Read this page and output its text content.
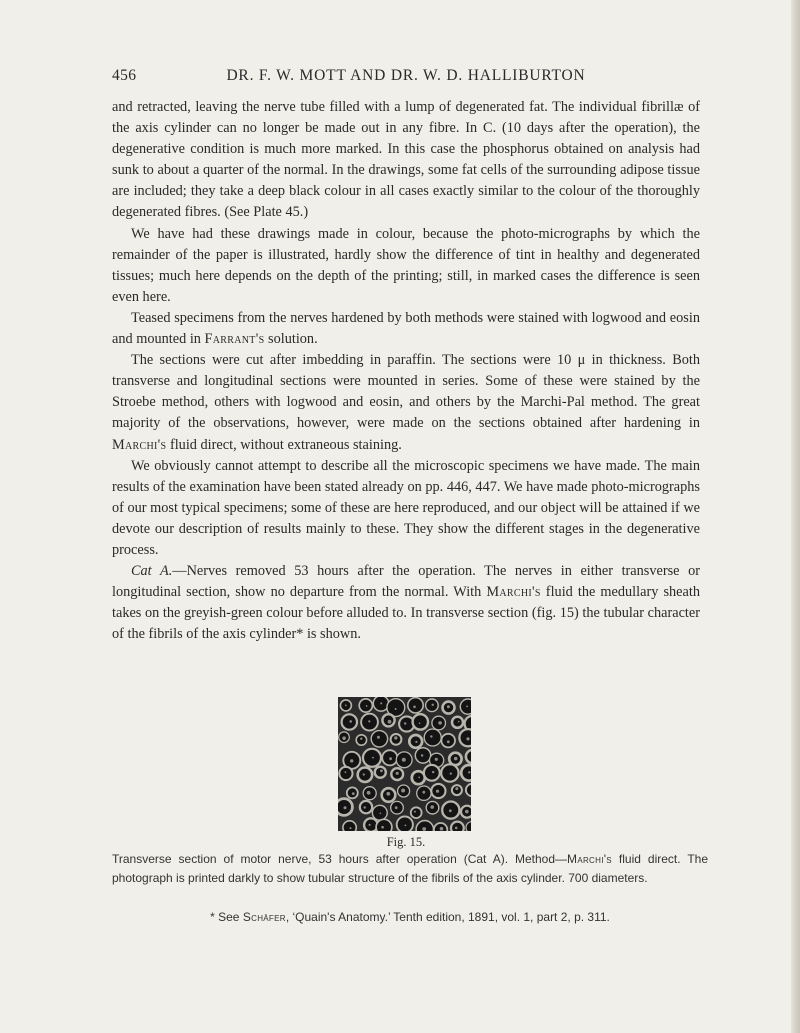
456	DR. F. W. MOTT AND DR. W. D. HALLIBURTON

and retracted, leaving the nerve tube filled with a lump of degenerated fat. The individual fibrillæ of the axis cylinder can no longer be made out in any fibre. In C. (10 days after the operation), the degenerative condition is much more marked. In this case the phosphorus obtained on analysis had sunk to about a quarter of the normal. In the drawings, some fat cells of the surrounding adipose tissue are included; they take a deep black colour in all cases exactly similar to the colour of the thoroughly degenerated fibres. (See Plate 45.)

We have had these drawings made in colour, because the photo-micrographs by which the remainder of the paper is illustrated, hardly show the difference of tint in healthy and degenerated tissues; much here depends on the depth of the printing; still, in marked cases the difference is seen even here.

Teased specimens from the nerves hardened by both methods were stained with logwood and eosin and mounted in Farrant's solution.

The sections were cut after imbedding in paraffin. The sections were 10 μ in thickness. Both transverse and longitudinal sections were mounted in series. Some of these were stained by the Stroebe method, others with logwood and eosin, and others by the Marchi-Pal method. The great majority of the observations, however, were made on the sections obtained after hardening in Marchi's fluid direct, without extraneous staining.

We obviously cannot attempt to describe all the microscopic specimens we have made. The main results of the examination have been stated already on pp. 446, 447. We have made photo-micrographs of our most typical specimens; some of these are here reproduced, and our object will be attained if we devote our description of results mainly to these. They show the different stages in the degenerative process.

Cat A.—Nerves removed 53 hours after the operation. The nerves in either transverse or longitudinal section, show no departure from the normal. With Marchi's fluid the medullary sheath takes on the greyish-green colour before alluded to. In transverse section (fig. 15) the tubular character of the fibrils of the axis cylinder* is shown.

Fig. 15.
Transverse section of motor nerve, 53 hours after operation (Cat A). Method—Marchi's fluid direct. The photograph is printed darkly to show tubular structure of the fibrils of the axis cylinder. 700 diameters.
* See Schäfer, ‘Quain's Anatomy.’ Tenth edition, 1891, vol. 1, part 2, p. 311.
